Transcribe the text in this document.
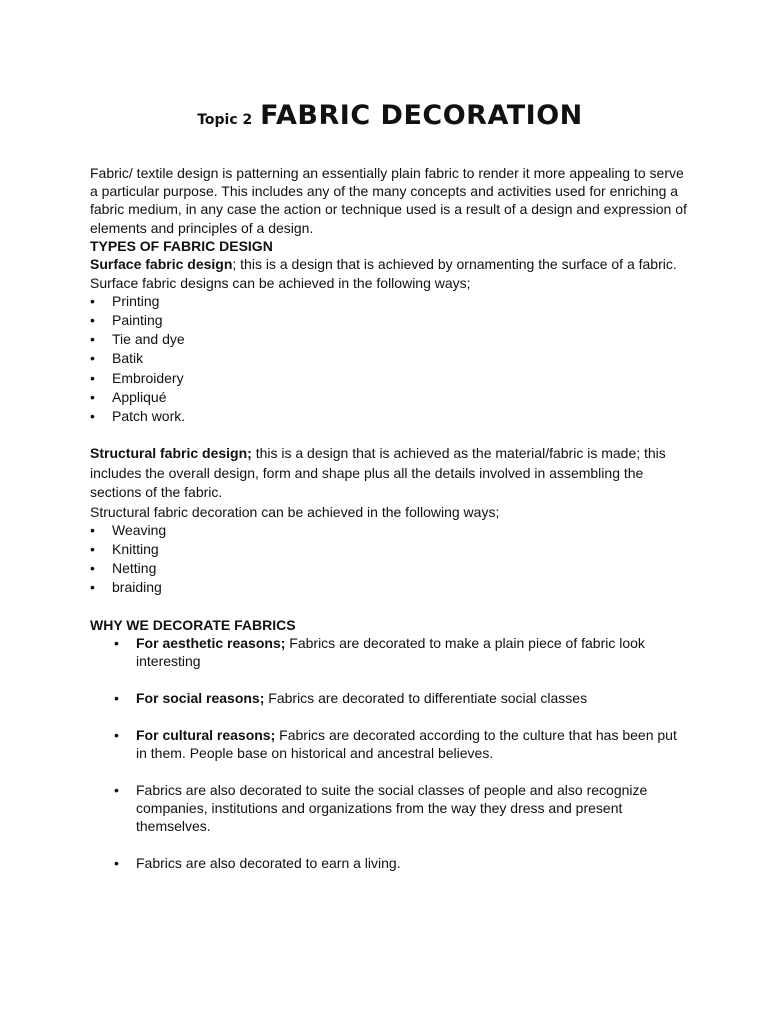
Topic 2 FABRIC DECORATION

Fabric/ textile design is patterning an essentially plain fabric to render it more appealing to serve a particular purpose. This includes any of the many concepts and activities used for enriching a fabric medium, in any case the action or technique used is a result of a design and expression of elements and principles of a design.

TYPES OF FABRIC DESIGN

Surface fabric design; this is a design that is achieved by ornamenting the surface of a fabric.

Surface fabric designs can be achieved in the following ways;

• Printing
• Painting
• Tie and dye
• Batik
• Embroidery
• Appliqué
• Patch work.

Structural fabric design; this is a design that is achieved as the material/fabric is made; this includes the overall design, form and shape plus all the details involved in assembling the sections of the fabric.

Structural fabric decoration can be achieved in the following ways;

• Weaving
• Knitting
• Netting
• braiding

WHY WE DECORATE FABRICS

• For aesthetic reasons; Fabrics are decorated to make a plain piece of fabric look interesting
• For social reasons; Fabrics are decorated to differentiate social classes
• For cultural reasons; Fabrics are decorated according to the culture that has been put in them. People base on historical and ancestral believes.
• Fabrics are also decorated to suite the social classes of people and also recognize companies, institutions and organizations from the way they dress and present themselves.
• Fabrics are also decorated to earn a living.
